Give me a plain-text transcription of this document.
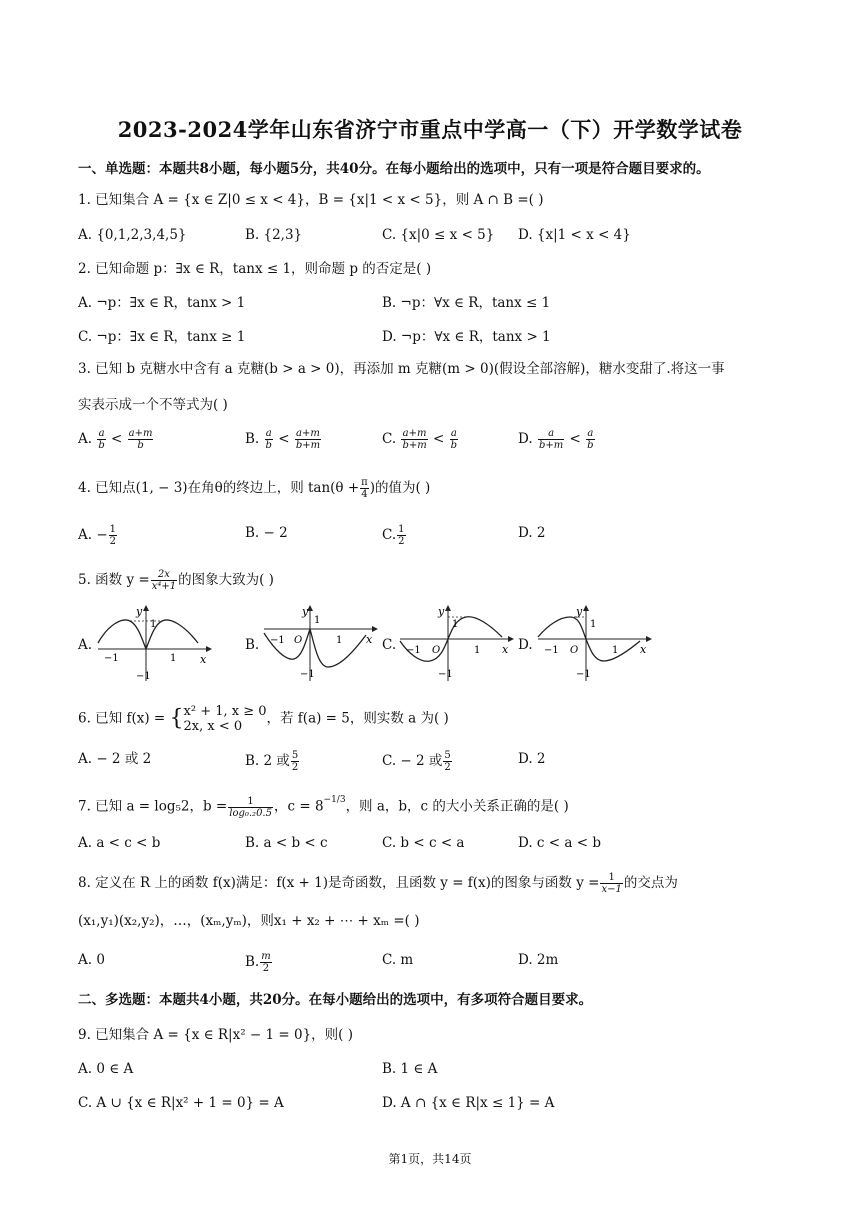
2023-2024学年山东省济宁市重点中学高一（下）开学数学试卷
一、单选题：本题共8小题，每小题5分，共40分。在每小题给出的选项中，只有一项是符合题目要求的。
1. 已知集合 A = {x ∈ Z|0 ≤ x < 4}，B = {x|1 < x < 5}，则 A ∩ B =( )
A. {0,1,2,3,4,5}	B. {2,3}	C. {x|0 ≤ x < 5} D. {x|1 < x < 4}
2. 已知命题 p：∃x ∈ R，tanx ≤ 1，则命题 p 的否定是( )
A. ¬p：∃x ∈ R，tanx > 1	B. ¬p：∀x ∈ R，tanx ≤ 1
C. ¬p：∃x ∈ R，tanx ≥ 1	D. ¬p：∀x ∈ R，tanx > 1
3. 已知 b 克糖水中含有 a 克糖(b > a > 0)，再添加 m 克糖(m > 0)(假设全部溶解)，糖水变甜了.将这一事
实表示成一个不等式为( )
A. $\frac{a}{b} < \frac{a+m}{b}$	B. $\frac{a}{b} < \frac{a+m}{b+m}$	C. $\frac{a+m}{b+m} < \frac{a}{b}$	D. $\frac{a}{b+m} < \frac{a}{b}$
4. 已知点(1, − 3)在角θ的终边上，则 $\tan(\theta + \frac{\pi}{4}$ )的值为( )
A. − $\frac{1}{2}$	B. − 2	C. $\frac{1}{2}$	D. 2
5. 函数 $y = \frac{2x}{\text{x⁴+1}}$ 的图象大致为( )
A.	B.	C.	D.
y
1
−1	1 x
−1
y
1
−1 O	1 x
−1
y
1
−1 O	1 x
−1
y
1
−1 O	1 x
−1
6. 已知 f(x) = { x² + 1, x ≥ 0
2x, x < 0	，若 f(a) = 5，则实数 a 为( )
A. − 2 或 2	B. 2 或 $\frac{5}{2}$	C. − 2 或 $\frac{5}{2}$	D. 2
7. 已知 a = log₅2，$b = \frac{1}{\text{log₀.₂0.5}}$ ，$c = 8^{-1/3}$，则 a，b，c 的大小关系正确的是( )
A. a < c < b	B. a < b < c	C. b < c < a	D. c < a < b
8. 定义在 R 上的函数 f(x)满足：f(x + 1)是奇函数，且函数 y = f(x)的图象与函数 $y = \frac{1}{x-1}$ 的交点为
(x₁,y₁)(x₂,y₂)，…，(xₘ,yₘ)，则x₁ + x₂ + ⋯ + xₘ =( )
A. 0	B. $\frac{m}{2}$	C. m	D. 2m
二、多选题：本题共4小题，共20分。在每小题给出的选项中，有多项符合题目要求。
9. 已知集合 A = {x ∈ R|x² − 1 = 0}，则( )
A. 0 ∈ A	B. 1 ∈ A
C. A ∪ {x ∈ R|x² + 1 = 0} = A	D. A ∩ {x ∈ R|x ≤ 1} = A
第1页，共14页
